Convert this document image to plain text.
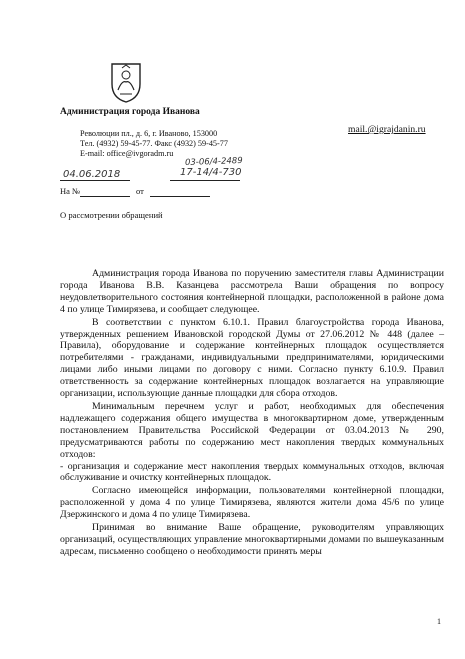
Администрация города Иванова
Революции пл., д. 6, г. Иваново, 153000
Тел. (4932) 59-45-77. Факс (4932) 59-45-77
E-mail: office@ivgoradm.ru
mail.@igrajdanin.ru
03-06/4-2489
04.06.2018	17-14/4-730
На №	от
О рассмотрении обращений

Администрация города Иванова по поручению заместителя главы Администрации города Иванова В.В. Казанцева рассмотрела Ваши обращения по вопросу неудовлетворительного состояния контейнерной площадки, расположенной в районе дома 4 по улице Тимирязева, и сообщает следующее.

В соответствии с пунктом 6.10.1. Правил благоустройства города Иванова, утвержденных решением Ивановской городской Думы от 27.06.2012 № 448 (далее – Правила), оборудование и содержание контейнерных площадок осуществляется потребителями - гражданами, индивидуальными предпринимателями, юридическими лицами либо иными лицами по договору с ними. Согласно пункту 6.10.9. Правил ответственность за содержание контейнерных площадок возлагается на управляющие организации, использующие данные площадки для сбора отходов.

Минимальным перечнем услуг и работ, необходимых для обеспечения надлежащего содержания общего имущества в многоквартирном доме, утвержденным постановлением Правительства Российской Федерации от 03.04.2013 № 290, предусматриваются работы по содержанию мест накопления твердых коммунальных отходов:

- организация и содержание мест накопления твердых коммунальных отходов, включая обслуживание и очистку контейнерных площадок.

Согласно имеющейся информации, пользователями контейнерной площадки, расположенной у дома 4 по улице Тимирязева, являются жители дома 45/6 по улице Дзержинского и дома 4 по улице Тимирязева.

Принимая во внимание Ваше обращение, руководителям управляющих организаций, осуществляющих управление многоквартирными домами по вышеуказанным адресам, письменно сообщено о необходимости принять меры

1
